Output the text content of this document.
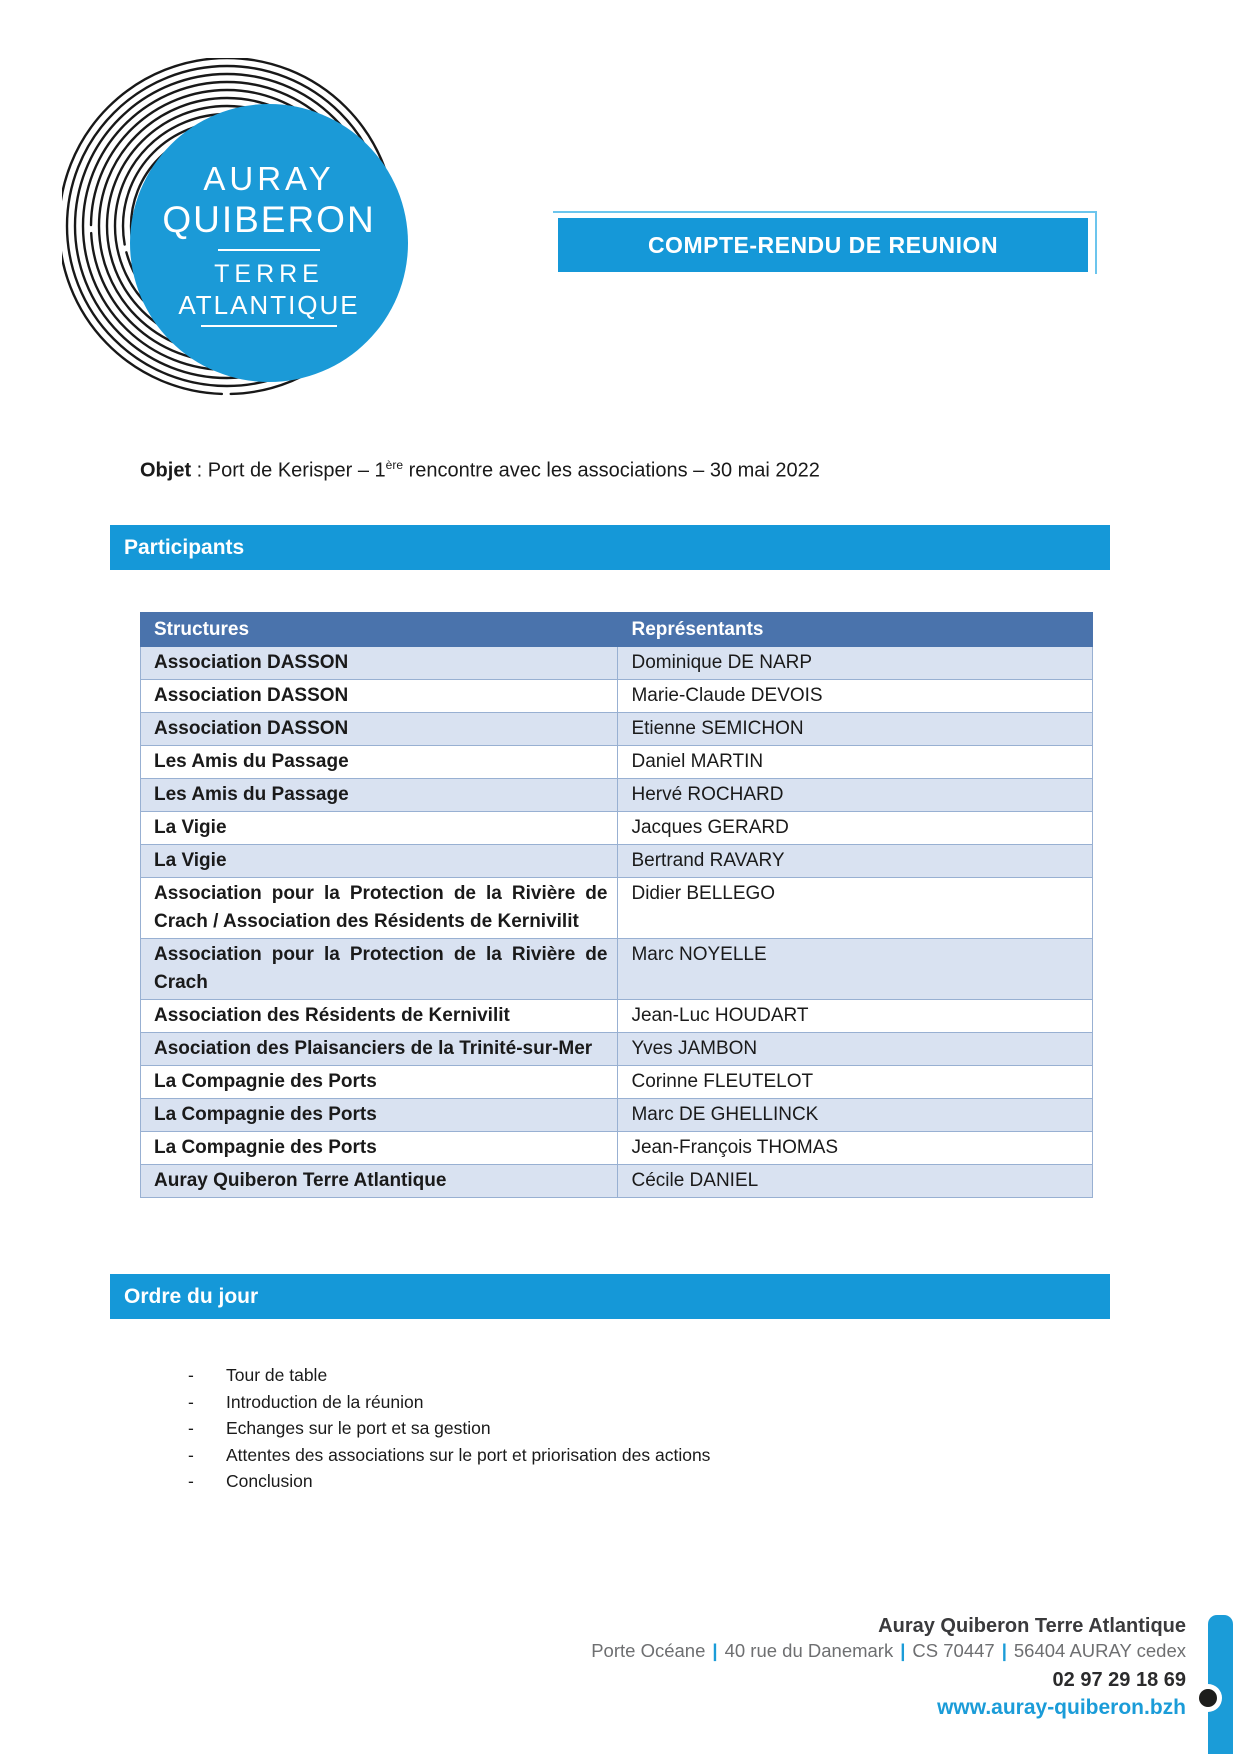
AURAY
QUIBERON
TERRE
ATLANTIQUE
COMPTE-RENDU DE REUNION
Objet : Port de Kerisper – 1ère rencontre avec les associations – 30 mai 2022
Participants
Structures	Représentants
Association DASSON	Dominique DE NARP
Association DASSON	Marie-Claude DEVOIS
Association DASSON	Etienne SEMICHON
Les Amis du Passage	Daniel MARTIN
Les Amis du Passage	Hervé ROCHARD
La Vigie	Jacques GERARD
La Vigie	Bertrand RAVARY
Association pour la Protection de la Rivière de Crach / Association des Résidents de Kernivilit	Didier BELLEGO
Association pour la Protection de la Rivière de Crach	Marc NOYELLE
Association des Résidents de Kernivilit	Jean-Luc HOUDART
Asociation des Plaisanciers de la Trinité-sur-Mer	Yves JAMBON
La Compagnie des Ports	Corinne FLEUTELOT
La Compagnie des Ports	Marc DE GHELLINCK
La Compagnie des Ports	Jean-François THOMAS
Auray Quiberon Terre Atlantique	Cécile DANIEL
Ordre du jour
-	Tour de table
-	Introduction de la réunion
-	Echanges sur le port et sa gestion
-	Attentes des associations sur le port et priorisation des actions
-	Conclusion
Auray Quiberon Terre Atlantique
Porte Océane | 40 rue du Danemark | CS 70447 | 56404 AURAY cedex
02 97 29 18 69
www.auray-quiberon.bzh
